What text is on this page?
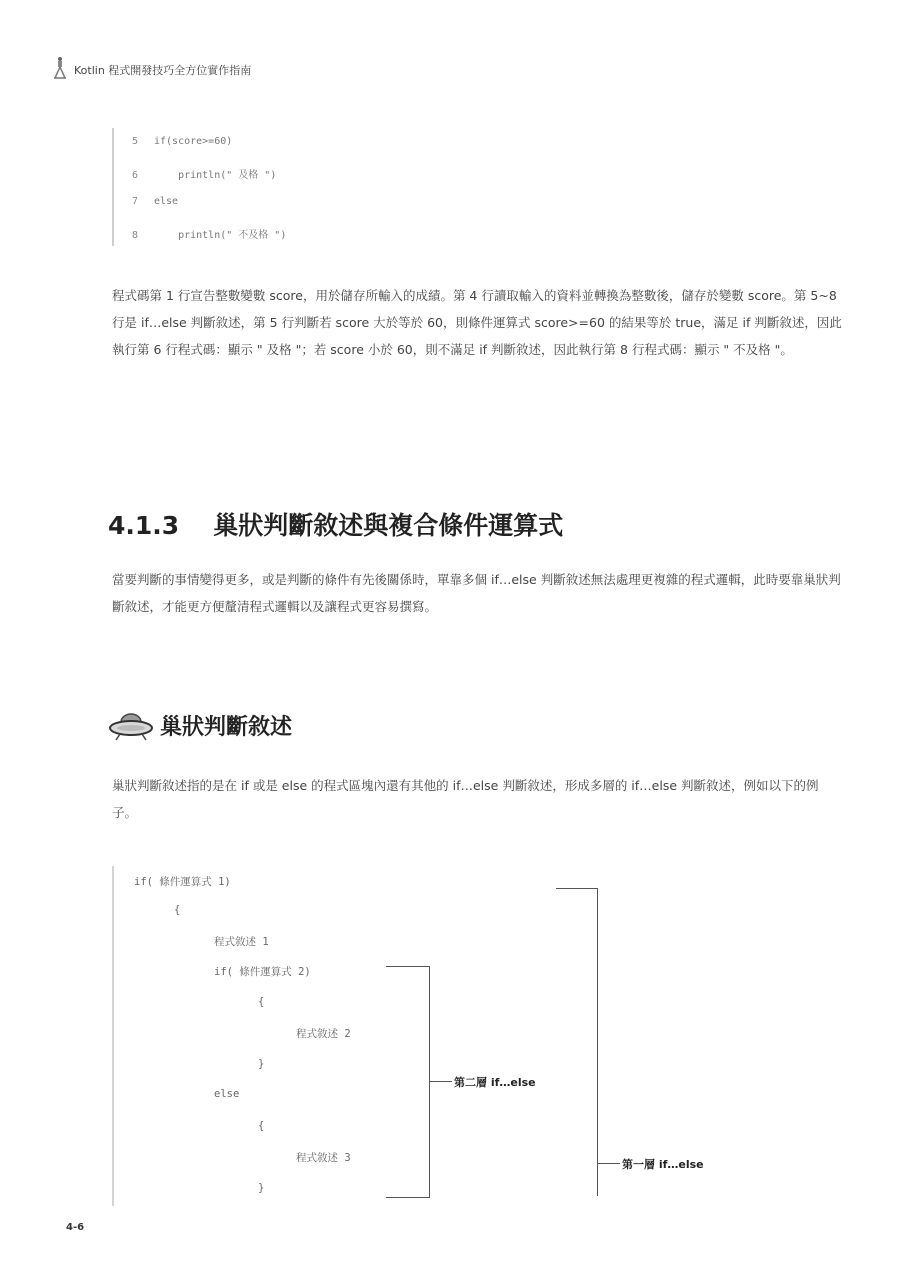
Kotlin 程式開發技巧全方位實作指南
5 if(score>=60)
6    println(" 及格 ")
7 else
8    println(" 不及格 ")
程式碼第 1 行宣告整數變數 score，用於儲存所輸入的成績。第 4 行讀取輸入的資料並轉換為整數後，儲存於變數 score。第 5~8 行是 if…else 判斷敘述，第 5 行判斷若 score 大於等於 60，則條件運算式 score>=60 的結果等於 true，滿足 if 判斷敘述，因此執行第 6 行程式碼：顯示 " 及格 "；若 score 小於 60，則不滿足 if 判斷敘述，因此執行第 8 行程式碼：顯示 " 不及格 "。
4.1.3 巢狀判斷敘述與複合條件運算式
當要判斷的事情變得更多，或是判斷的條件有先後關係時，單靠多個 if…else 判斷敘述無法處理更複雜的程式邏輯，此時要靠巢狀判斷敘述，才能更方便釐清程式邏輯以及讓程式更容易撰寫。
巢狀判斷敘述
巢狀判斷敘述指的是在 if 或是 else 的程式區塊內還有其他的 if…else 判斷敘述，形成多層的 if…else 判斷敘述，例如以下的例子。
if( 條件運算式 1)
{
程式敘述 1
if( 條件運算式 2)
{
程式敘述 2
}
else
{
程式敘述 3
}
第二層 if…else
第一層 if…else
4-6
